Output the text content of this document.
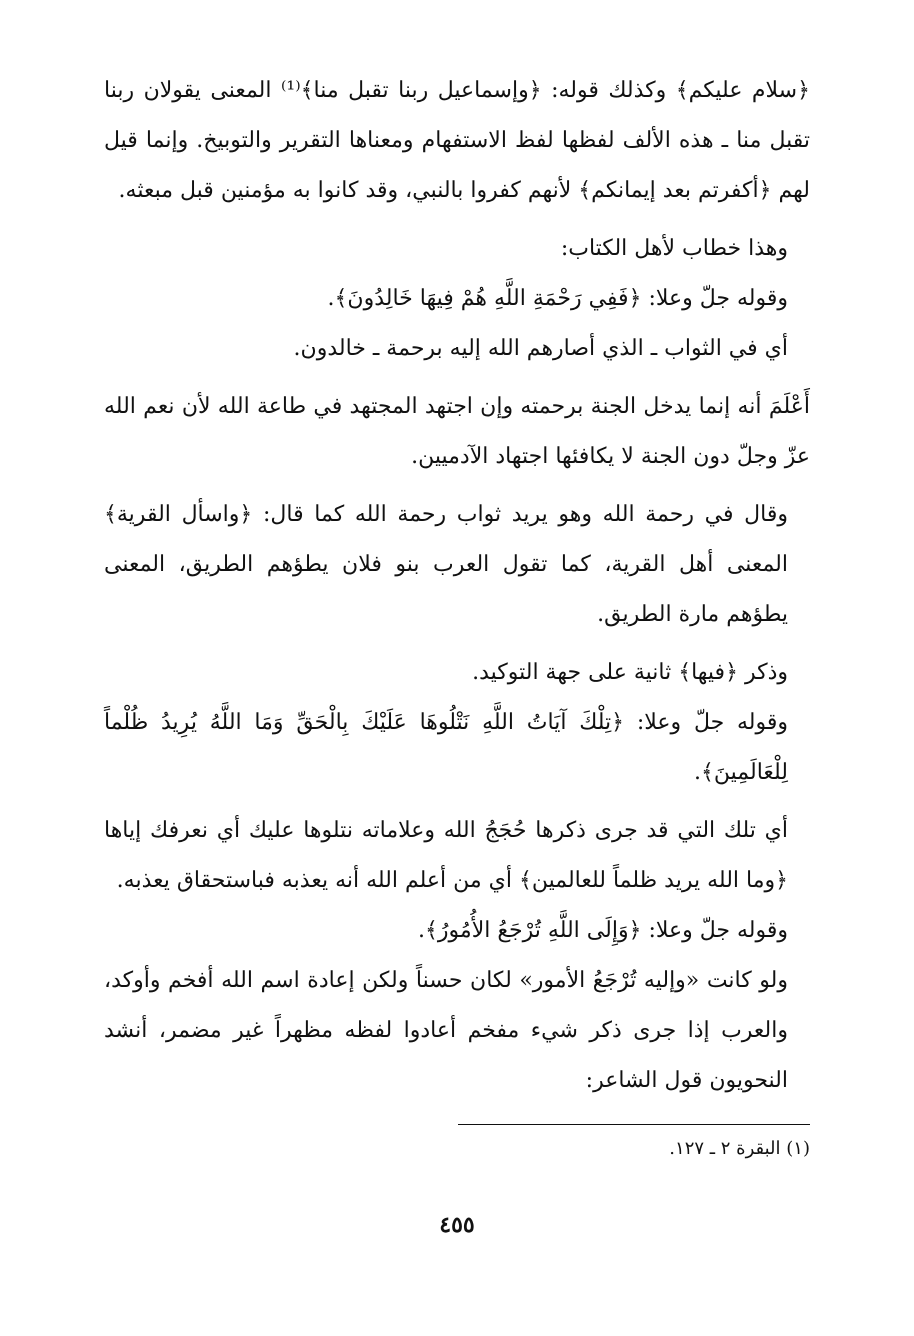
﴿سلام عليكم﴾ وكذلك قوله: ﴿وإسماعيل ربنا تقبل منا﴾⁽¹⁾ المعنى يقولان ربنا تقبل منا ـ هذه الألف لفظها لفظ الاستفهام ومعناها التقرير والتوبيخ. وإنما قيل لهم ﴿أكفرتم بعد إيمانكم﴾ لأنهم كفروا بالنبي، وقد كانوا به مؤمنين قبل مبعثه.

وهذا خطاب لأهل الكتاب:

وقوله جلّ وعلا: ﴿فَفِي رَحْمَةِ اللَّهِ هُمْ فِيهَا خَالِدُونَ﴾.

أي في الثواب ـ الذي أصارهم الله إليه برحمة ـ خالدون.

أَعْلَمَ أنه إنما يدخل الجنة برحمته وإن اجتهد المجتهد في طاعة الله لأن نعم الله عزّ وجلّ دون الجنة لا يكافئها اجتهاد الآدميين.

وقال في رحمة الله وهو يريد ثواب رحمة الله كما قال: ﴿واسأل القرية﴾ المعنى أهل القرية، كما تقول العرب بنو فلان يطؤهم الطريق، المعنى يطؤهم مارة الطريق.

وذكر ﴿فيها﴾ ثانية على جهة التوكيد.

وقوله جلّ وعلا: ﴿تِلْكَ آيَاتُ اللَّهِ نَتْلُوهَا عَلَيْكَ بِالْحَقِّ وَمَا اللَّهُ يُرِيدُ ظُلْماً لِلْعَالَمِينَ﴾.

أي تلك التي قد جرى ذكرها حُجَجُ الله وعلاماته نتلوها عليك أي نعرفك إياها ﴿وما الله يريد ظلماً للعالمين﴾ أي من أعلم الله أنه يعذبه فباستحقاق يعذبه.

وقوله جلّ وعلا: ﴿وَإِلَى اللَّهِ تُرْجَعُ الأُمُورُ﴾.

ولو كانت «وإليه تُرْجَعُ الأمور» لكان حسناً ولكن إعادة اسم الله أفخم وأوكد، والعرب إذا جرى ذكر شيء مفخم أعادوا لفظه مظهراً غير مضمر، أنشد النحويون قول الشاعر:

(١) البقرة ٢ ـ ١٢٧.
٤٥٥
